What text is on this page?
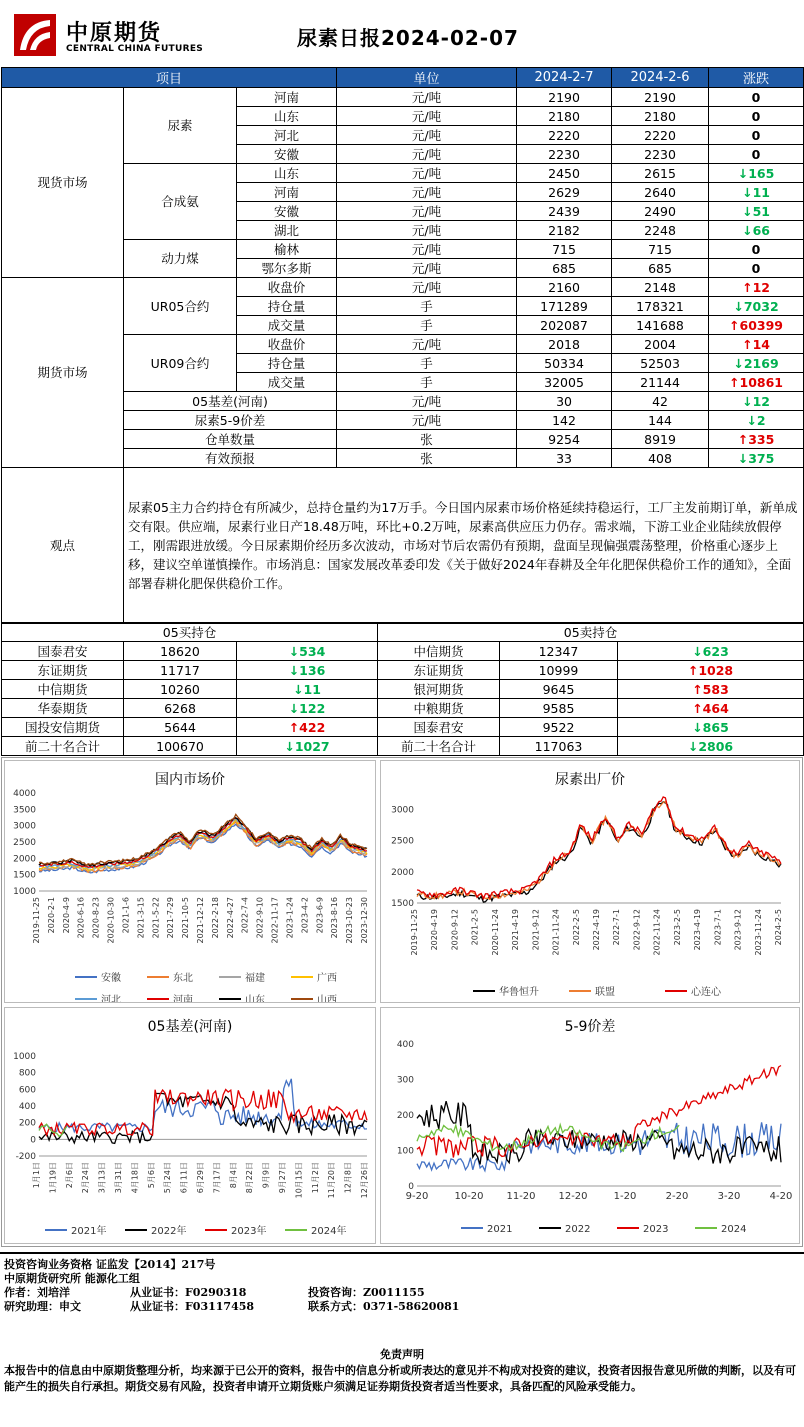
中原期货
CENTRAL CHINA FUTURES	尿素日报2024-02-07
项目			单位	2024-2-7	2024-2-6	涨跌
现货市场	尿素	河南	元/吨	2190	2190	0
		山东	元/吨	2180	2180	0
		河北	元/吨	2220	2220	0
		安徽	元/吨	2230	2230	0
	合成氨	山东	元/吨	2450	2615	↓165
		河南	元/吨	2629	2640	↓11
		安徽	元/吨	2439	2490	↓51
		湖北	元/吨	2182	2248	↓66
	动力煤	榆林	元/吨	715	715	0
		鄂尔多斯	元/吨	685	685	0
期货市场	UR05合约	收盘价	元/吨	2160	2148	↑12
		持仓量	手	171289	178321	↓7032
		成交量	手	202087	141688	↑60399
	UR09合约	收盘价	元/吨	2018	2004	↑14
		持仓量	手	50334	52503	↓2169
		成交量	手	32005	21144	↑10861
	05基差(河南)		元/吨	30	42	↓12
	尿素5-9价差		元/吨	142	144	↓2
	仓单数量		张	9254	8919	↑335
	有效预报		张	33	408	↓375
观点	尿素05主力合约持仓有所减少，总持仓量约为17万手。今日国内尿素市场价格延续持稳运行，工厂主发前期订单，新单成交有限。供应端，尿素行业日产18.48万吨，环比+0.2万吨，尿素高供应压力仍存。需求端，下游工业企业陆续放假停工，刚需跟进放缓。今日尿素期价经历多次波动，市场对节后农需仍有预期，盘面呈现偏强震荡整理，价格重心逐步上移，建议空单谨慎操作。市场消息：国家发展改革委印发《关于做好2024年春耕及全年化肥保供稳价工作的通知》，全面部署春耕化肥保供稳价工作。					
05买持仓			05卖持仓		
国泰君安	18620	↓534	中信期货	12347	↓623
东证期货	11717	↓136	东证期货	10999	↑1028
中信期货	10260	↓11	银河期货	9645	↑583
华泰期货	6268	↓122	中粮期货	9585	↑464
国投安信期货	5644	↑422	国泰君安	9522	↓865
前二十名合计	100670	↓1027	前二十名合计	117063	↓2806
国内市场价
4000
3500
3000
2500
2000
1500
1000
2019-11-25 2020-2-1 2020-4-9 2020-6-16 2020-8-23 2020-10-30 2021-1-6 2021-3-15 2021-5-22 2021-7-29 2021-10-5 2021-12-12 2022-2-18 2022-4-27 2022-7-4 2022-9-10 2022-11-17 2023-1-24 2023-4-2 2023-6-9 2023-8-16 2023-10-23 2023-12-30
安徽	东北	福建	广西
河北	河南	山东	山西
尿素出厂价
3000
2500
2000
1500
2019-11-25 2020-4-19 2020-9-12 2021-2-5 2020-11-24 2021-4-19 2021-9-12 2021-11-24 2022-2-5 2022-4-19 2022-7-1 2022-9-12 2022-11-24 2023-2-5 2023-4-19 2023-7-1 2023-9-12 2023-11-24 2024-2-5
华鲁恒升	联盟	心连心
05基差(河南)
1000
800
600
400
200
0
-200
1月1日 1月19日 2月6日 2月24日 3月13日 3月31日 4月18日 5月6日 5月24日 6月11日 6月29日 7月17日 8月4日 8月22日 9月9日 9月27日 10月15日 11月2日 11月20日 12月8日 12月26日
2021年	2022年	2023年	2024年
5-9价差
400
300
200
100
0
9-20	10-20 11-20 12-20	1-20	2-20	3-20	4-20
2021	2022	2023	2024
投资咨询业务资格 证监发【2014】217号
中原期货研究所 能源化工组
作者：刘培洋	从业证书：F0290318	投资咨询：Z0011155
研究助理：申文	从业证书：F03117458	联系方式：0371-58620081
免责声明
本报告中的信息由中原期货整理分析，均来源于已公开的资料，报告中的信息分析或所表达的意见并不构成对投资的建议，投资者因报告意见所做的判断，以及有可能产生的损失自行承担。期货交易有风险，投资者申请开立期货账户须满足证券期货投资者适当性要求，具备匹配的风险承受能力。
